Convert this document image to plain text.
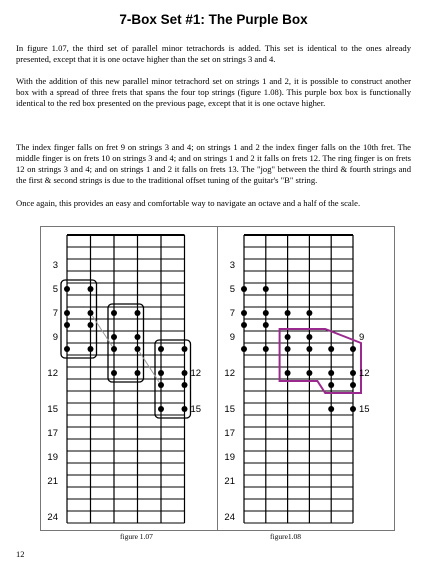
7-Box Set #1: The Purple Box

In figure 1.07, the third set of parallel minor tetrachords is added. This set is identical to the ones already presented, except that it is one octave higher than the set on strings 3 and 4.

With the addition of this new parallel minor tetrachord set on strings 1 and 2, it is possible to construct another box with a spread of three frets that spans the four top strings (figure 1.08). This purple box box is functionally identical to the red box presented on the previous page, except that it is one octave higher.

The index finger falls on fret 9 on strings 3 and 4; on strings 1 and 2 the index finger falls on the 10th fret. The middle finger is on frets 10 on strings 3 and 4; and on strings 1 and 2 it falls on frets 12. The ring finger is on frets 12 on strings 3 and 4; and on strings 1 and 2 it falls on frets 13. The "jog" between the third & fourth strings and the first & second strings is due to the traditional offset tuning of the guitar's "B" string.

Once again, this provides an easy and comfortable way to navigate an octave and a half of the scale.

3
5
7
9
12
15
17
19
21
24
12
15
3
5
7
9
12
15
17
19
21
24
9
12
15
figure 1.07	figure1.08
12
